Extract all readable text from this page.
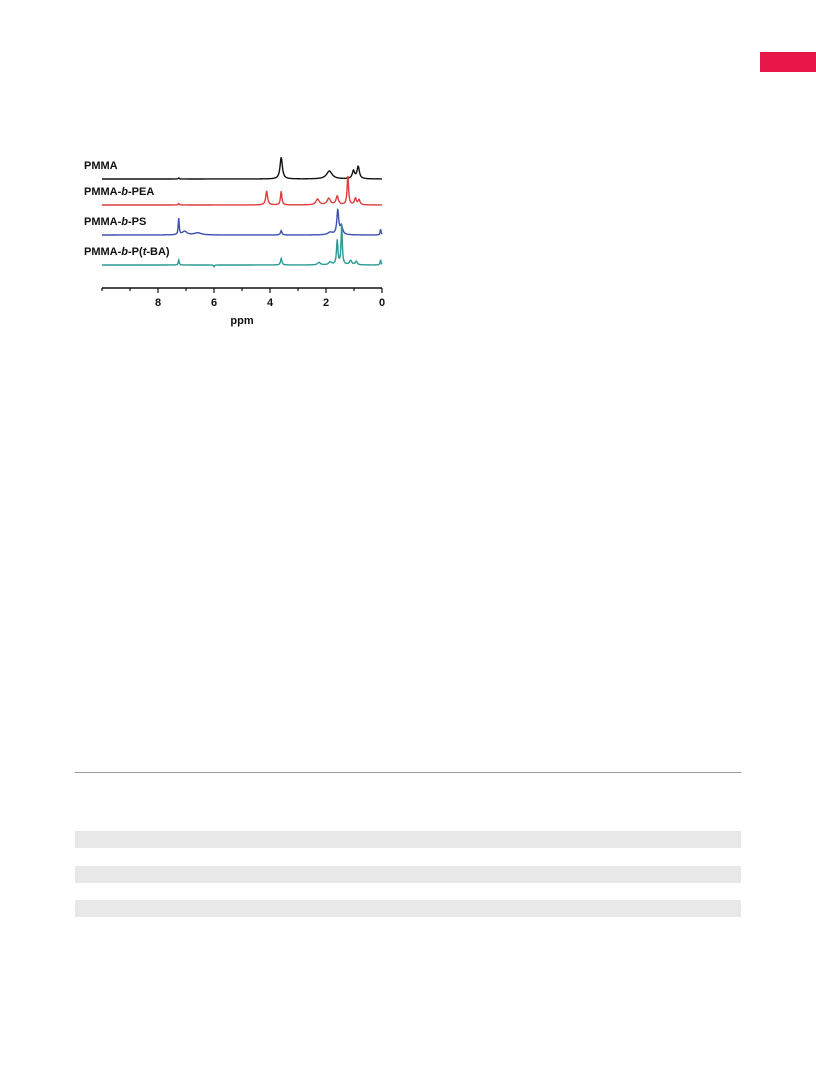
PMMA
PMMA-b-PEA
PMMA-b-PS
PMMA-b-P(t-BA)
8	6	4	2	0
ppm
